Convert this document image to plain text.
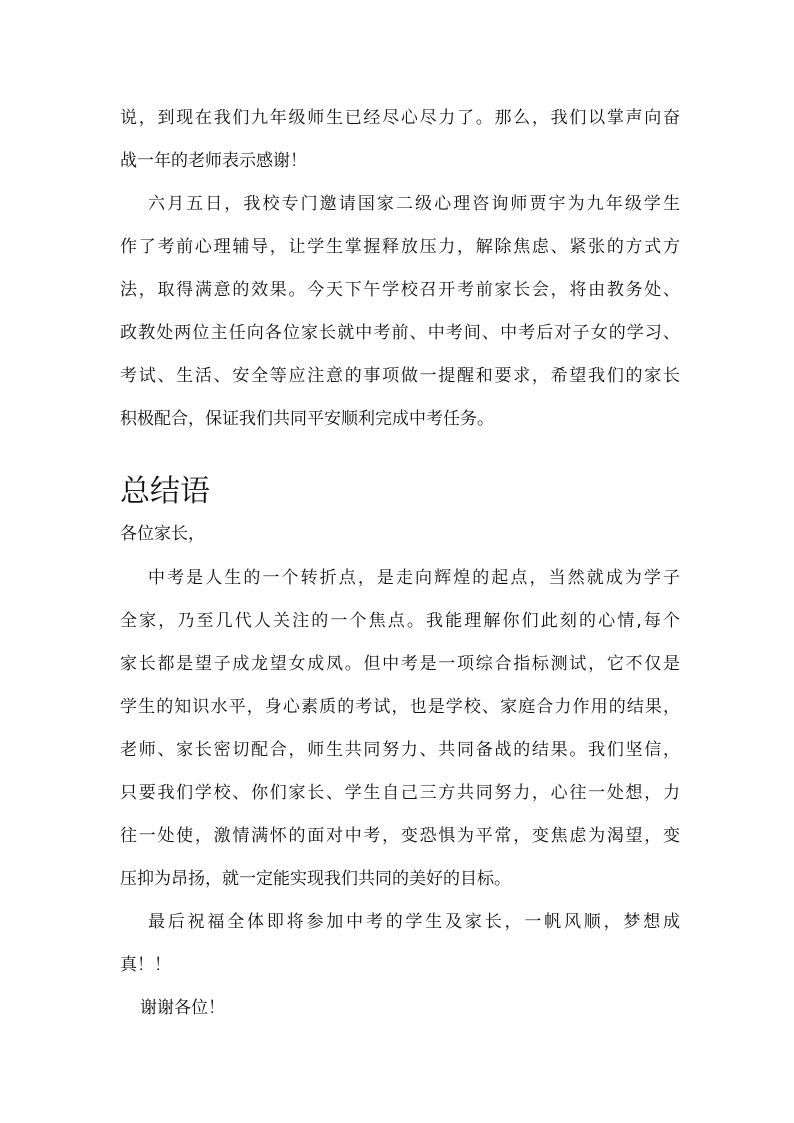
说，到现在我们九年级师生已经尽心尽力了。那么，我们以掌声向奋
战一年的老师表示感谢！
六月五日，我校专门邀请国家二级心理咨询师贾宇为九年级学生
作了考前心理辅导，让学生掌握释放压力，解除焦虑、紧张的方式方
法，取得满意的效果。今天下午学校召开考前家长会，将由教务处、
政教处两位主任向各位家长就中考前、中考间、中考后对子女的学习、
考试、生活、安全等应注意的事项做一提醒和要求，希望我们的家长
积极配合，保证我们共同平安顺利完成中考任务。
总结语
各位家长，
中考是人生的一个转折点，是走向辉煌的起点，当然就成为学子
全家，乃至几代人关注的一个焦点。我能理解你们此刻的心情,每个
家长都是望子成龙望女成凤。但中考是一项综合指标测试，它不仅是
学生的知识水平，身心素质的考试，也是学校、家庭合力作用的结果，
老师、家长密切配合，师生共同努力、共同备战的结果。我们坚信，
只要我们学校、你们家长、学生自己三方共同努力，心往一处想，力
往一处使，激情满怀的面对中考，变恐惧为平常，变焦虑为渴望，变
压抑为昂扬，就一定能实现我们共同的美好的目标。
最后祝福全体即将参加中考的学生及家长，一帆风顺，梦想成
真！！
谢谢各位！
